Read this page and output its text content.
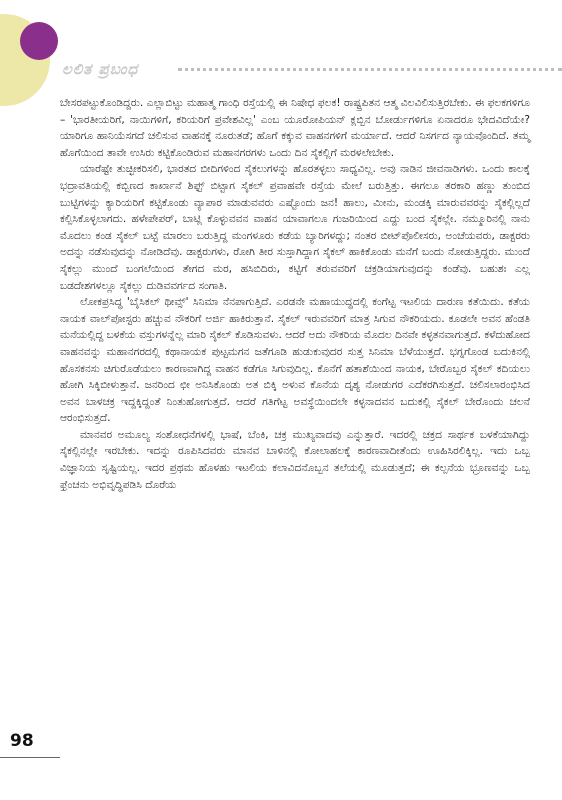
ಲಲಿತ ಪ್ರಬಂಧ

ಬೇಸರಪಟ್ಟುಕೊಂಡಿದ್ದರು. ಎಲ್ಲಾಬಿಟ್ಟು ಮಹಾತ್ಮ ಗಾಂಧಿ ರಸ್ತೆಯಲ್ಲಿ ಈ ನಿಷೇಧ ಫಲಕ! ರಾಷ್ಟ್ರಪಿತನ ಆತ್ಮ ವಿಲವಿಲಿಸುತ್ತಿರಬೇಕು. ಈ ಫಲಕಗಳಿಗೂ – 'ಭಾರತೀಯರಿಗೆ, ನಾಯಿಗಳಿಗೆ, ಕರಿಯರಿಗೆ ಪ್ರವೇಶವಿಲ್ಲ' ಎಂಬ ಯೂರೋಪಿಯನ್ ಕ್ಲಬ್ಬಿನ ಬೋರ್ಡುಗಳಿಗೂ ಏನಾದರೂ ಭೇದವಿದೆಯೇ? ಯಾರಿಗೂ ಹಾನಿಯೆಸಗದೆ ಚಲಿಸುವ ವಾಹನಕ್ಕೆ ನೂರುತಡೆ; ಹೊಗೆ ಕಕ್ಕುವ ವಾಹನಗಳಿಗೆ ಮರ್ಯಾದೆ. ಆದರೆ ನಿಸರ್ಗದ ನ್ಯಾಯವೊಂದಿದೆ. ತಮ್ಮ ಹೊಗೆಯಿಂದ ತಾವೇ ಉಸಿರು ಕಟ್ಟಿಕೊಂಡಿರುವ ಮಹಾನಗರಗಳು ಒಂದು ದಿನ ಸೈಕಲ್ಲಿಗೆ ಮರಳಲೇಬೇಕು.

ಯಾರೆಷ್ಟೇ ತುಚ್ಛೀಕರಿಸಲಿ, ಭಾರತದ ಬೀದಿಗಳಿಂದ ಸೈಕಲುಗಳನ್ನು ಹೊರತಳ್ಳಲು ಸಾಧ್ಯವಿಲ್ಲ. ಅವು ನಾಡಿನ ಜೀವನಾಡಿಗಳು. ಒಂದು ಕಾಲಕ್ಕೆ ಭದ್ರಾವತಿಯಲ್ಲಿ ಕಬ್ಬಿಣದ ಕಾರ್ಖಾನೆ ಶಿಫ್ಟ್ ಬಿಟ್ಟಾಗ ಸೈಕಲ್ ಪ್ರವಾಹವೇ ರಸ್ತೆಯ ಮೇಲೆ ಬರುತ್ತಿತ್ತು. ಈಗಲೂ ತರಕಾರಿ ಹಣ್ಣು ತುಂಬಿದ ಬುಟ್ಟಿಗಳನ್ನು ಕ್ಯಾರಿಯರಿಗೆ ಕಟ್ಟಿಕೊಂಡು ವ್ಯಾಪಾರ ಮಾಡುವವರು ಎಷ್ಟೊಂದು ಜನ! ಹಾಲು, ಮೀನು, ಮಂಡಕ್ಕಿ ಮಾರುವವರನ್ನು ಸೈಕಲ್ಲಿಲ್ಲದೆ ಕಲ್ಪಿಸಿಕೊಳ್ಳಲಾಗದು. ಹಳೇಪೇಪರ್, ಬಾಟ್ಲಿ ಕೊಳ್ಳುವವನ ವಾಹನ ಯಾವಾಗಲೂ ಗುಜರಿಯಿಂದ ಎದ್ದು ಬಂದ ಸೈಕಲ್ಲೇ. ನಮ್ಮೂರಿನಲ್ಲಿ ನಾನು ಮೊದಲು ಕಂಡ ಸೈಕಲ್ ಬಟ್ಟೆ ಮಾರಲು ಬರುತ್ತಿದ್ದ ಮಂಗಳೂರು ಕಡೆಯ ಬ್ಯಾರಿಗಳದ್ದು; ನಂತರ ಬೀಟ್‌ಪೊಲೀಸರು, ಅಂಚೆಯವರು, ಡಾಕ್ಟರರು ಅದನ್ನು ನಡೆಸುವುದನ್ನು ನೋಡಿದೆವು. ಡಾಕ್ಟರುಗಳು, ರೋಗಿ ತೀರ ಸುಸ್ತಾಗಿದ್ದಾಗ ಸೈಕಲ್ ಹಾಕಿಕೊಂಡು ಮನೆಗೆ ಬಂದು ನೋಡುತ್ತಿದ್ದರು. ಮುಂದೆ ಸೈಕಲ್ಲು ಮುಂದೆ ಬಂಗಲೆಯಿಂದ ತೇಗದ ಮರ, ಹಸಿಬಿದಿರು, ಕಟ್ಟಿಗೆ ತರುವವರಿಗೆ ಚಕ್ರಡಿಯಾಗುವುದನ್ನು ಕಂಡೆವು. ಬಹುಶಃ ಎಲ್ಲ ಬಡದೇಶಗಳಲ್ಲೂ ಸೈಕಲ್ಲು ದುಡಿವವರ್ಗದ ಸಂಗಾತಿ.

ಲೋಕಪ್ರಸಿದ್ಧ 'ಬೈಸಿಕಲ್ ಥೀವ್ಸ್' ಸಿನಿಮಾ ನೆನಪಾಗುತ್ತಿದೆ. ಎರಡನೇ ಮಹಾಯುದ್ಧದಲ್ಲಿ ಕಂಗೆಟ್ಟ ಇಟಲಿಯ ದಾರುಣ ಕತೆಯಿದು. ಕತೆಯ ನಾಯಕ ವಾಲ್‌ಪೋಸ್ಟರು ಹಚ್ಚುವ ನೌಕರಿಗೆ ಅರ್ಜಿ ಹಾಕಿರುತ್ತಾನೆ. ಸೈಕಲ್ ಇರುವವರಿಗೆ ಮಾತ್ರ ಸಿಗುವ ನೌಕರಿಯದು. ಕೂಡಲೇ ಅವನ ಹೆಂಡತಿ ಮನೆಯಲ್ಲಿದ್ದ ಬಳಕೆಯ ವಸ್ತುಗಳನ್ನೆಲ್ಲ ಮಾರಿ ಸೈಕಲ್ ಕೊಡಿಸುವಳು. ಆದರೆ ಅದು ನೌಕರಿಯ ಮೊದಲ ದಿನವೇ ಕಳ್ಳತನವಾಗುತ್ತದೆ. ಕಳೆದುಹೋದ ವಾಹನವನ್ನು ಮಹಾನಗರದಲ್ಲಿ ಕಥಾನಾಯಕ ಪುಟ್ಟಮಗನ ಜತೆಗೂಡಿ ಹುಡುಕುವುದರ ಸುತ್ತ ಸಿನಿಮಾ ಬೆಳೆಯುತ್ತದೆ. ಭಗ್ನಗೊಂಡ ಬದುಕಿನಲ್ಲಿ ಹೊಸಕನಸು ಚಿಗುರೊಡೆಯಲು ಕಾರಣವಾಗಿದ್ದ ವಾಹನ ಕಡೆಗೂ ಸಿಗುವುದಿಲ್ಲ. ಕೊನೆಗೆ ಹತಾಶೆಯಿಂದ ನಾಯಕ, ಬೇರೊಬ್ಬರ ಸೈಕಲ್ ಕದಿಯಲು ಹೋಗಿ ಸಿಕ್ಕಿಬೀಳುತ್ತಾನೆ. ಜನರಿಂದ ಛೀ ಅನಿಸಿಕೊಂಡು ಅತ ಬಿಕ್ಕಿ ಅಳುವ ಕೊನೆಯ ದೃಶ್ಯ ನೋಡುಗರ ಎದೆಕರಗಿಸುತ್ತದೆ. ಚಲಿಸಲಾರಂಭಿಸಿದ ಅವನ ಬಾಳಚಕ್ರ ಇದ್ದಕ್ಕಿದ್ದಂತೆ ನಿಂತುಹೋಗುತ್ತದೆ. ಆದರೆ ಗತಿಗೆಟ್ಟ ಅವಸ್ಥೆಯಿಂದಲೇ ಕಳ್ಳನಾದವನ ಬದುಕಲ್ಲಿ ಸೈಕಲ್ ಬೇರೊಂದು ಚಲನೆ ಆರಂಭಿಸುತ್ತದೆ.

ಮಾನವರ ಅಮೂಲ್ಯ ಸಂಶೋಧನೆಗಳಲ್ಲಿ ಭಾಷೆ, ಬೆಂಕಿ, ಚಕ್ರ ಮುಖ್ಯವಾದವು ಎನ್ನುತ್ತಾರೆ. ಇದರಲ್ಲಿ ಚಕ್ರದ ಸಾರ್ಥಕ ಬಳಕೆಯಾಗಿದ್ದು ಸೈಕಲ್ಲಿನಲ್ಲೇ ಇರಬೇಕು. ಇದನ್ನು ರೂಪಿಸಿದವರು ಮಾನವ ಬಾಳಿನಲ್ಲಿ ಕೋಲಾಹಲಕ್ಕೆ ಕಾರಣವಾದೀತೆಂದು ಊಹಿಸಿರಲಿಕ್ಕಿಲ್ಲ. ಇದು ಒಬ್ಬ ವಿಜ್ಞಾನಿಯ ಸೃಷ್ಟಿಯಲ್ಲ. ಇದರ ಪ್ರಥಮ ಹೊಳಹು ಇಟಲಿಯ ಕಲಾವಿದನೊಬ್ಬನ ತಲೆಯಲ್ಲಿ ಮೂಡುತ್ತದೆ; ಈ ಕಲ್ಪನೆಯ ಭ್ರೂಣವನ್ನು ಒಬ್ಬ ಫ್ರೆಂಚನು ಅಭಿವೃದ್ಧಿಪಡಿಸಿ ದೊರೆಯ

98
